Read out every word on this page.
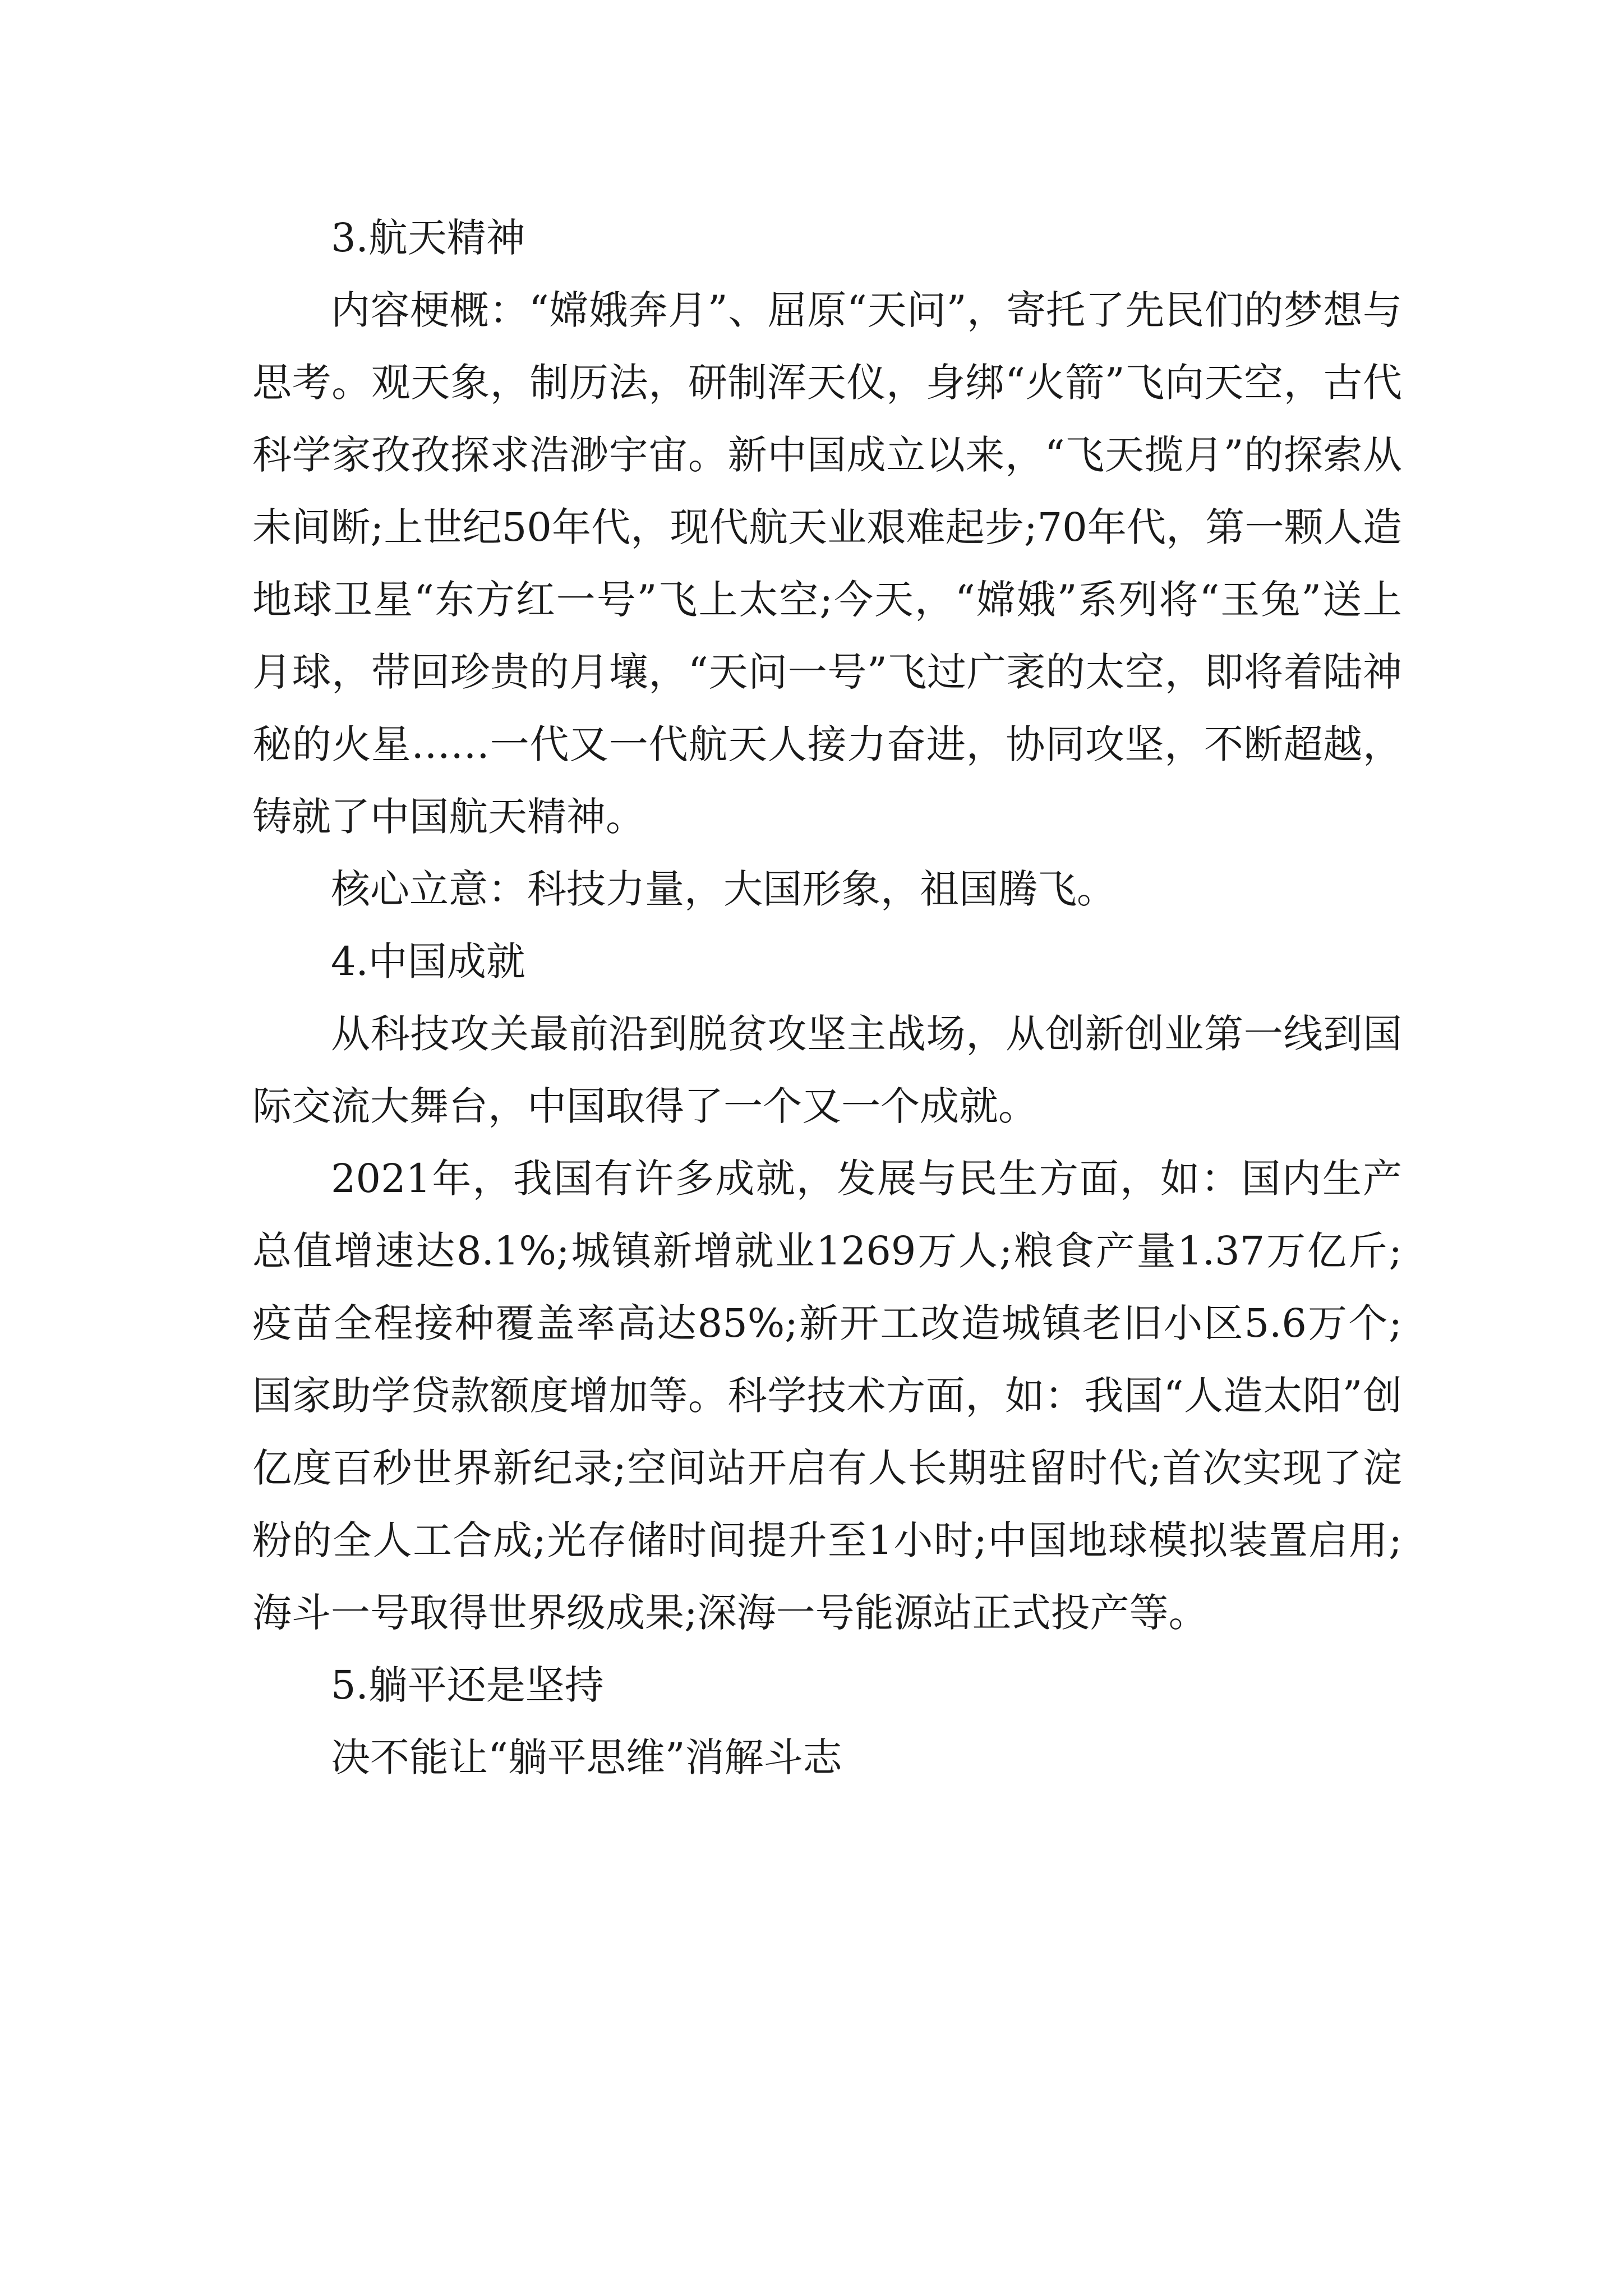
3.航天精神

内容梗概：“嫦娥奔月”、屈原“天问”，寄托了先民们的梦想与思考。观天象，制历法，研制浑天仪，身绑“火箭”飞向天空，古代科学家孜孜探求浩渺宇宙。新中国成立以来，“飞天揽月”的探索从未间断;上世纪50年代，现代航天业艰难起步;70年代，第一颗人造地球卫星“东方红一号”飞上太空;今天，“嫦娥”系列将“玉兔”送上月球，带回珍贵的月壤，“天问一号”飞过广袤的太空，即将着陆神秘的火星……一代又一代航天人接力奋进，协同攻坚，不断超越，铸就了中国航天精神。

核心立意：科技力量，大国形象，祖国腾飞。

4.中国成就

从科技攻关最前沿到脱贫攻坚主战场，从创新创业第一线到国际交流大舞台，中国取得了一个又一个成就。

2021年，我国有许多成就，发展与民生方面，如：国内生产总值增速达8.1%;城镇新增就业1269万人;粮食产量1.37万亿斤;疫苗全程接种覆盖率高达85%;新开工改造城镇老旧小区5.6万个;国家助学贷款额度增加等。科学技术方面，如：我国“人造太阳”创亿度百秒世界新纪录;空间站开启有人长期驻留时代;首次实现了淀粉的全人工合成;光存储时间提升至1小时;中国地球模拟装置启用;海斗一号取得世界级成果;深海一号能源站正式投产等。

5.躺平还是坚持

决不能让“躺平思维”消解斗志
